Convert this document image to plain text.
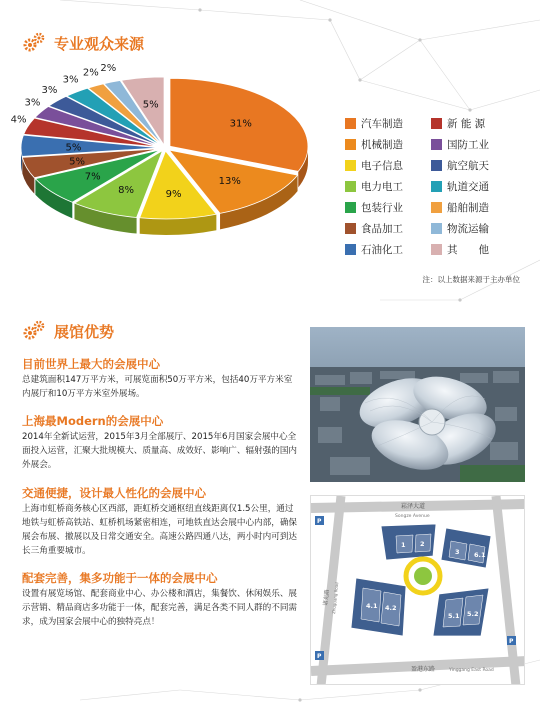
专业观众来源
31%
13%
9%
8%
7%
5%
5%
4%
3%
3%
3%
2% 2%
5%
汽车制造	新 能 源
机械制造	国防工业
电子信息	航空航天
电力电工	轨道交通
包装行业	船舶制造
食品加工	物流运输
石油化工	其　　他
注：以上数据来源于主办单位
展馆优势
目前世界上最大的会展中心
总建筑面积147万平方米，可展览面积50万平方米，包括40万平方米室内展厅和10万平方米室外展场。
上海最Modern的会展中心
2014年全新试运营，2015年3月全部展厅、2015年6月国家会展中心全面投入运营，汇聚大批规模大、质量高、成效好、影响广、辐射强的国内外展会。
交通便捷，设计最人性化的会展中心
上海市虹桥商务核心区西部，距虹桥交通枢纽直线距离仅1.5公里，通过地铁与虹桥高铁站、虹桥机场紧密相连，可地铁直达会展中心内部，确保展会布展、撤展以及日常交通安全。高速公路四通八达，两小时内可到达长三角重要城市。
配套完善，集多功能于一体的会展中心
设置有展览场馆、配套商业中心、办公楼和酒店，集餐饮、休闲娱乐、展示营销、精品商店多功能于一体，配套完善，满足各类不同人群的不同需求，成为国家会展中心的独特亮点！
崧泽大道
Songze Avenue
盈港东路	Yinggang East Road
诸光路 Zhuguang Road
1 2
3
4.1 4.2
5.1 5.2
6.1
P
P
P
